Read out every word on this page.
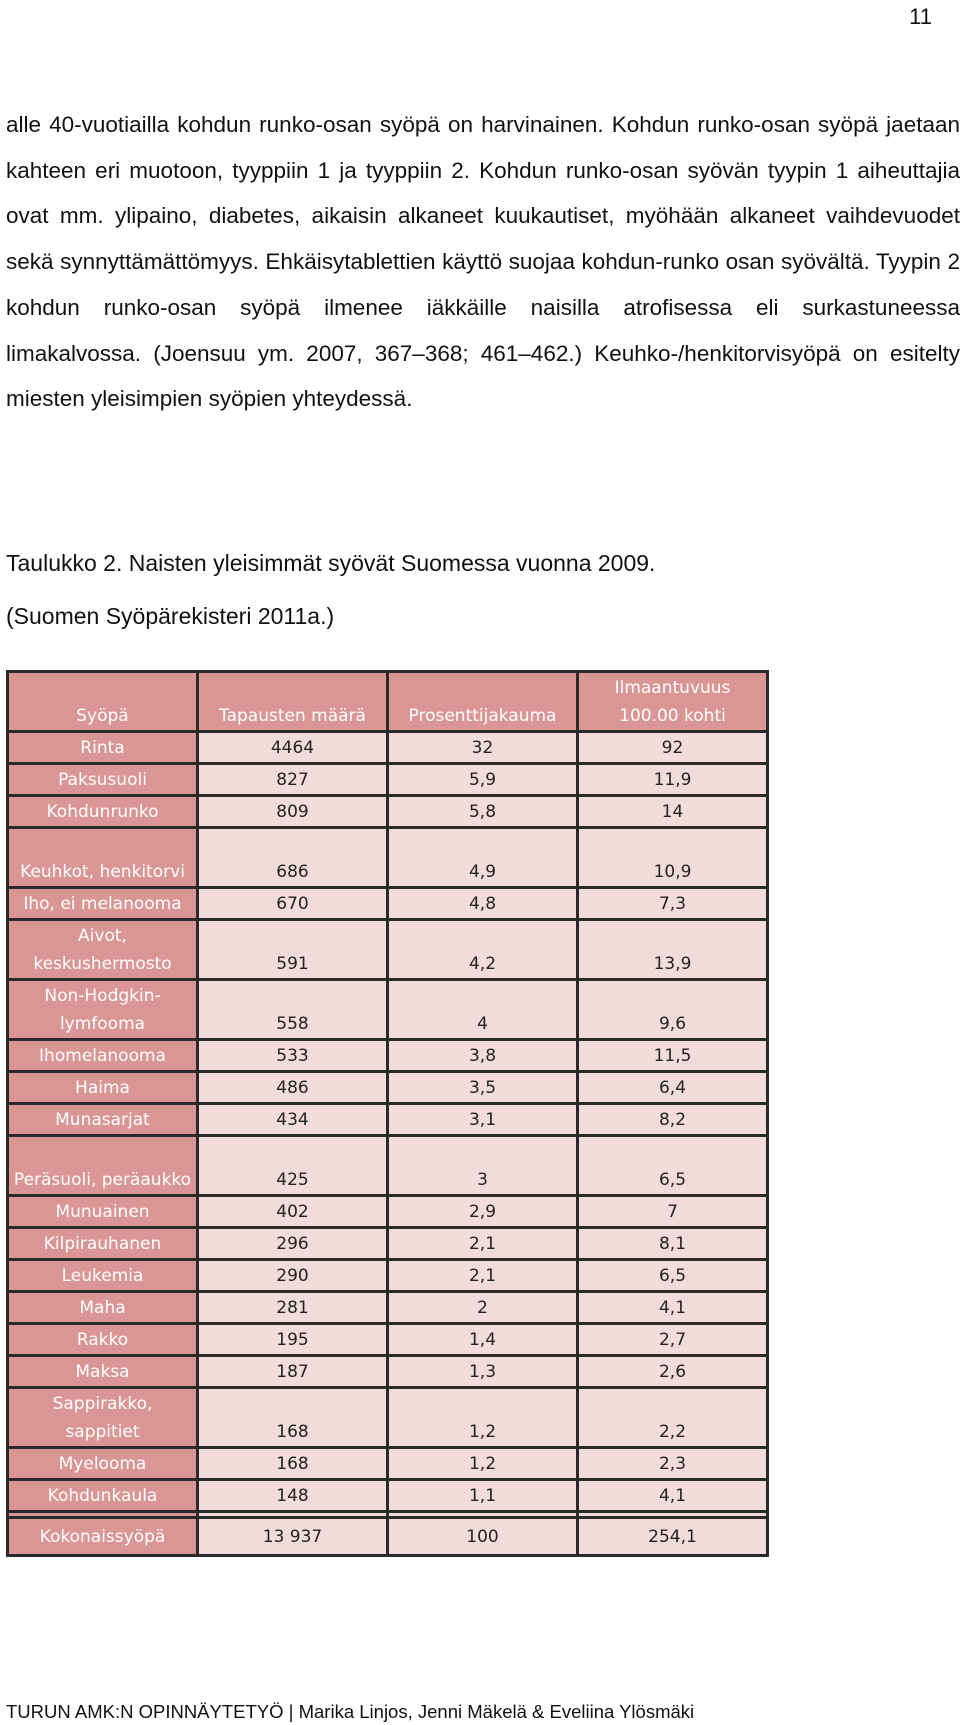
11

alle 40-vuotiailla kohdun runko-osan syöpä on harvinainen. Kohdun runko-osan syöpä jaetaan kahteen eri muotoon, tyyppiin 1 ja tyyppiin 2. Kohdun runko-osan syövän tyypin 1 aiheuttajia ovat mm. ylipaino, diabetes, aikaisin alkaneet kuukautiset, myöhään alkaneet vaihdevuodet sekä synnyttämättömyys. Ehkäisytablettien käyttö suojaa kohdun-runko osan syövältä. Tyypin 2 kohdun runko-osan syöpä ilmenee iäkkäille naisilla atrofisessa eli surkastuneessa limakalvossa. (Joensuu ym. 2007, 367–368; 461–462.) Keuhko-/henkitorvisyöpä on esitelty miesten yleisimpien syöpien yhteydessä.

Taulukko 2. Naisten yleisimmät syövät Suomessa vuonna 2009.

(Suomen Syöpärekisteri 2011a.)

Syöpä	Tapausten määrä	Prosenttijakauma	Ilmaantuvuus 100.00 kohti
Rinta	4464	32	92
Paksusuoli	827	5,9	11,9
Kohdunrunko	809	5,8	14
Keuhkot, henkitorvi	686	4,9	10,9
Iho, ei melanooma	670	4,8	7,3
Aivot, keskushermosto	591	4,2	13,9
Non-Hodgkin-lymfooma	558	4	9,6
Ihomelanooma	533	3,8	11,5
Haima	486	3,5	6,4
Munasarjat	434	3,1	8,2
Peräsuoli, peräaukko	425	3	6,5
Munuainen	402	2,9	7
Kilpirauhanen	296	2,1	8,1
Leukemia	290	2,1	6,5
Maha	281	2	4,1
Rakko	195	1,4	2,7
Maksa	187	1,3	2,6
Sappirakko, sappitiet	168	1,2	2,2
Myelooma	168	1,2	2,3
Kohdunkaula	148	1,1	4,1

Kokonaissyöpä	13 937	100	254,1

TURUN AMK:N OPINNÄYTETYÖ | Marika Linjos, Jenni Mäkelä & Eveliina Ylösmäki
